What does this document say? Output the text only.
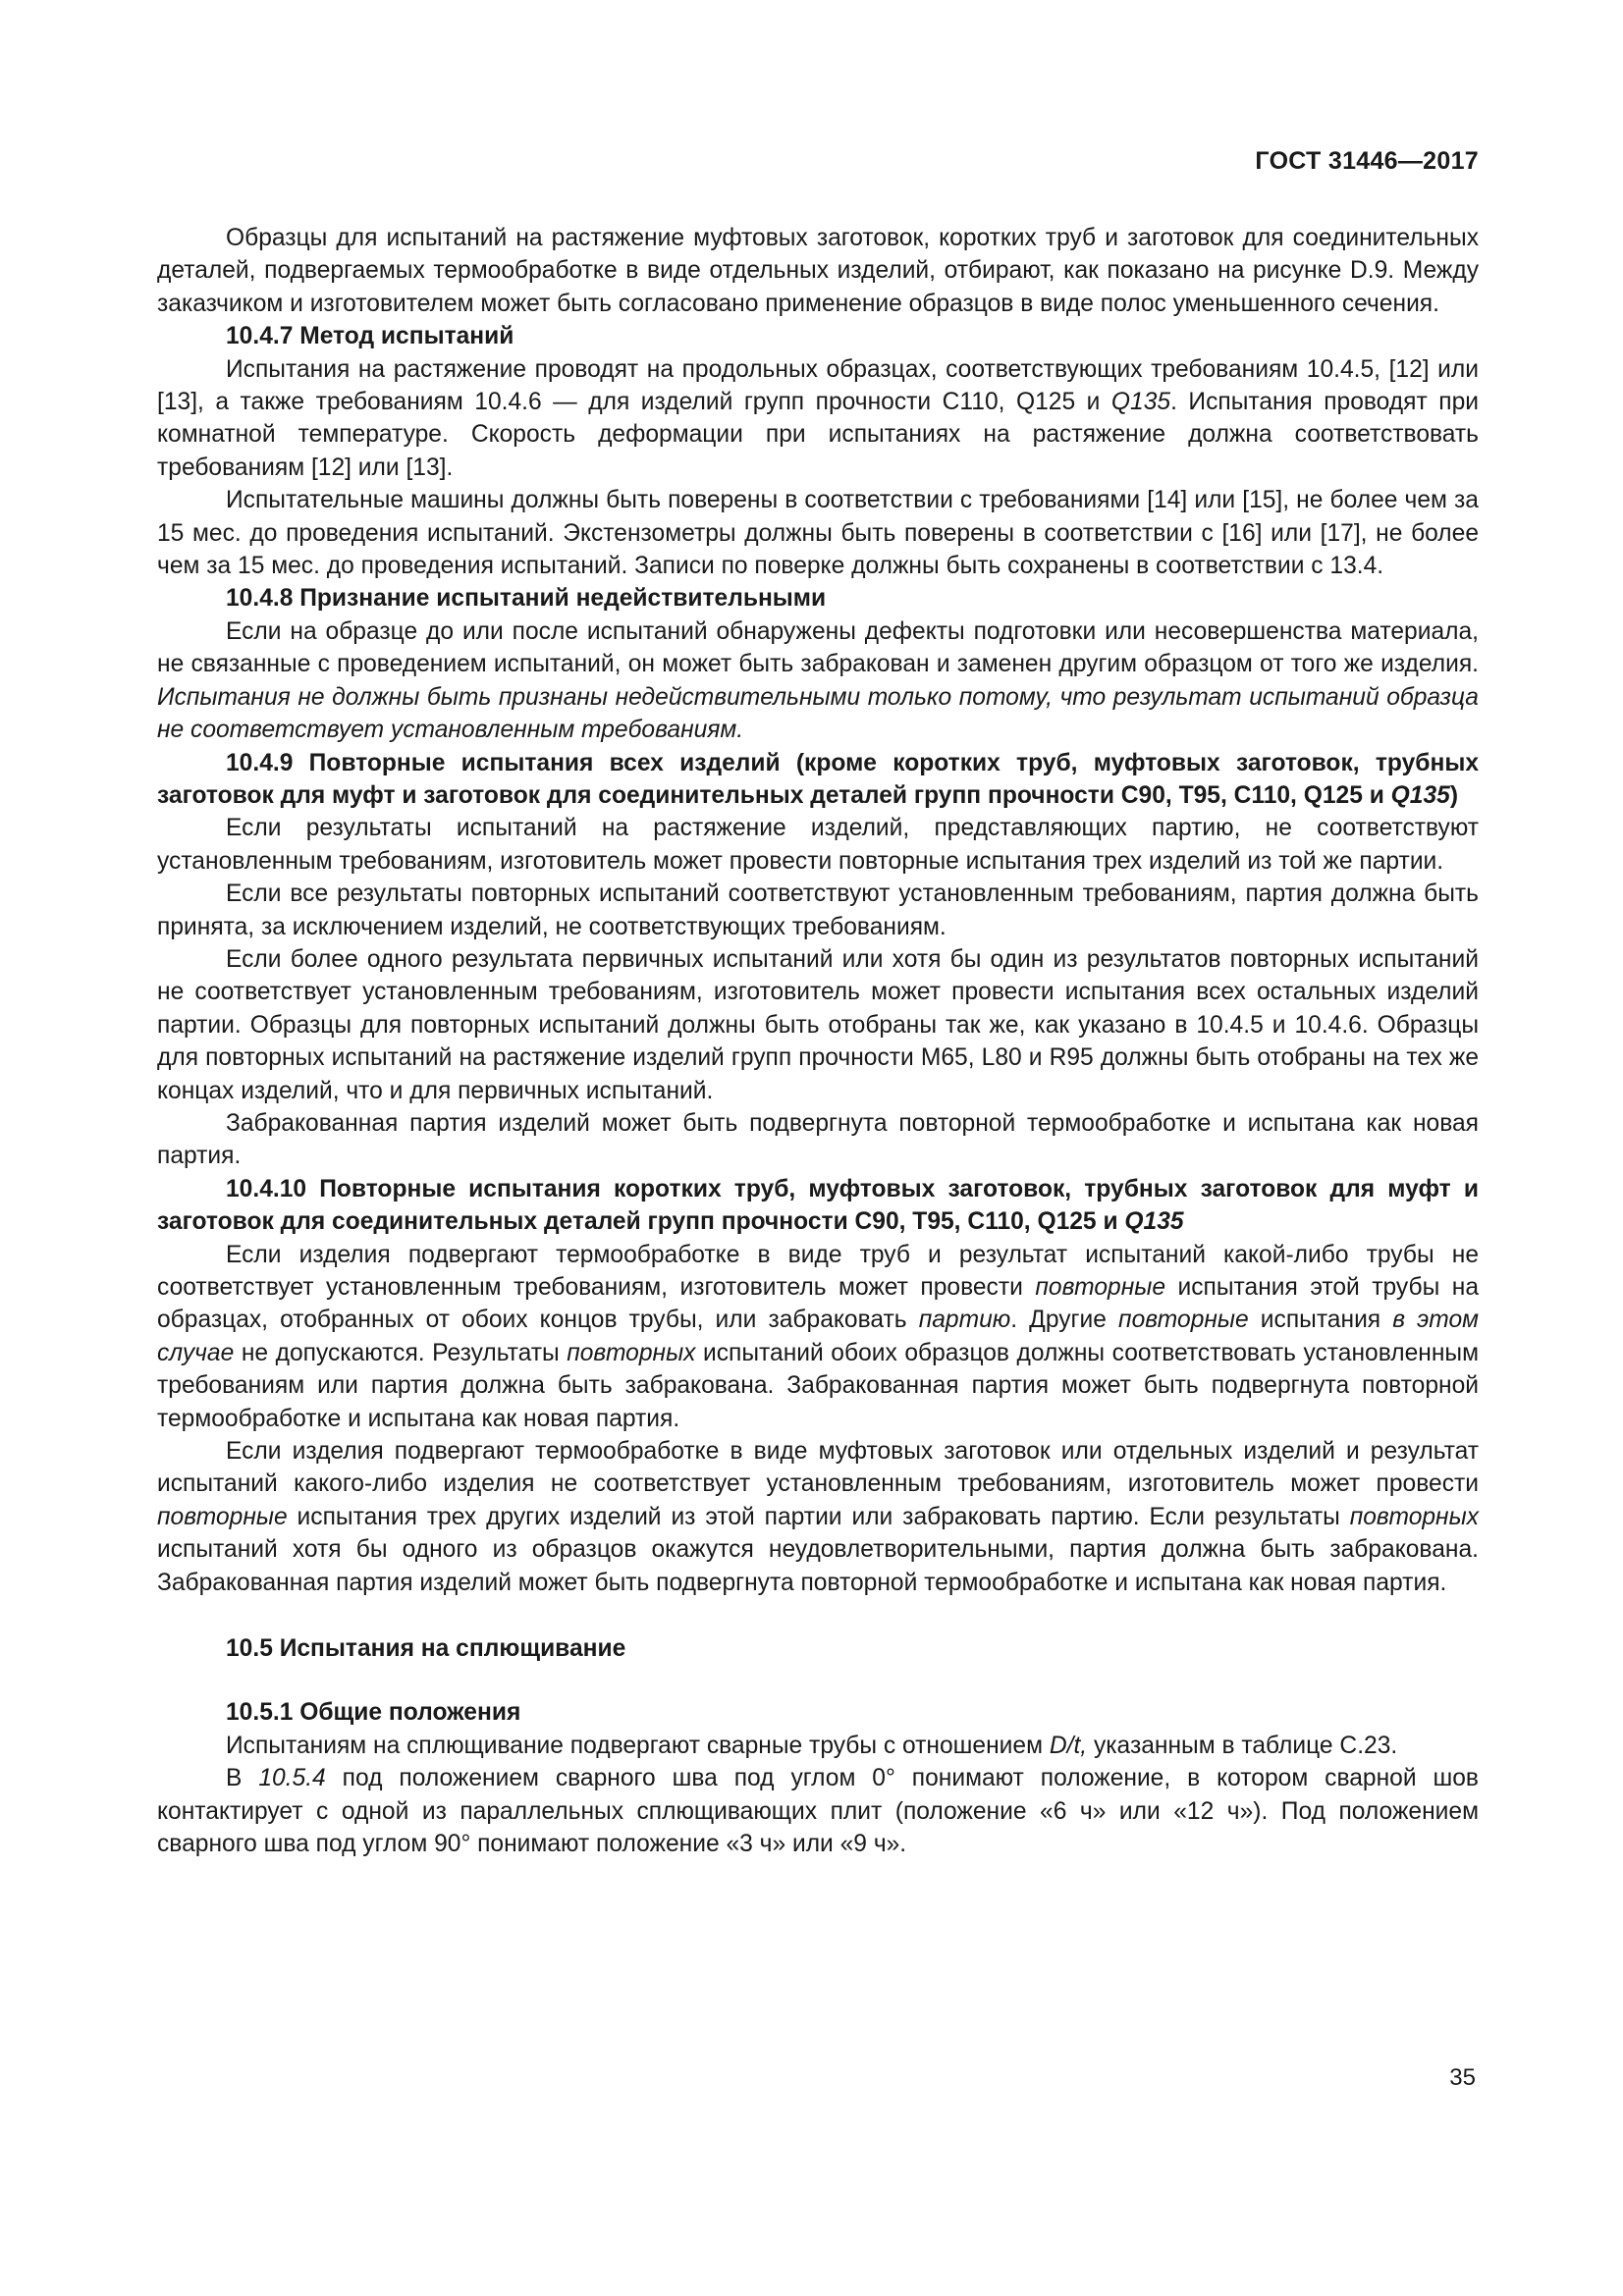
ГОСТ 31446—2017

Образцы для испытаний на растяжение муфтовых заготовок, коротких труб и заготовок для соединительных деталей, подвергаемых термообработке в виде отдельных изделий, отбирают, как показано на рисунке D.9. Между заказчиком и изготовителем может быть согласовано применение образцов в виде полос уменьшенного сечения.

10.4.7 Метод испытаний

Испытания на растяжение проводят на продольных образцах, соответствующих требованиям 10.4.5, [12] или [13], а также требованиям 10.4.6 — для изделий групп прочности С110, Q125 и Q135. Испытания проводят при комнатной температуре. Скорость деформации при испытаниях на растяжение должна соответствовать требованиям [12] или [13].

Испытательные машины должны быть поверены в соответствии с требованиями [14] или [15], не более чем за 15 мес. до проведения испытаний. Экстензометры должны быть поверены в соответствии с [16] или [17], не более чем за 15 мес. до проведения испытаний. Записи по поверке должны быть сохранены в соответствии с 13.4.

10.4.8 Признание испытаний недействительными

Если на образце до или после испытаний обнаружены дефекты подготовки или несовершенства материала, не связанные с проведением испытаний, он может быть забракован и заменен другим образцом от того же изделия. Испытания не должны быть признаны недействительными только потому, что результат испытаний образца не соответствует установленным требованиям.

10.4.9 Повторные испытания всех изделий (кроме коротких труб, муфтовых заготовок, трубных заготовок для муфт и заготовок для соединительных деталей групп прочности С90, Т95, С110, Q125 и Q135)

Если результаты испытаний на растяжение изделий, представляющих партию, не соответствуют установленным требованиям, изготовитель может провести повторные испытания трех изделий из той же партии.

Если все результаты повторных испытаний соответствуют установленным требованиям, партия должна быть принята, за исключением изделий, не соответствующих требованиям.

Если более одного результата первичных испытаний или хотя бы один из результатов повторных испытаний не соответствует установленным требованиям, изготовитель может провести испытания всех остальных изделий партии. Образцы для повторных испытаний должны быть отобраны так же, как указано в 10.4.5 и 10.4.6. Образцы для повторных испытаний на растяжение изделий групп прочности М65, L80 и R95 должны быть отобраны на тех же концах изделий, что и для первичных испытаний.

Забракованная партия изделий может быть подвергнута повторной термообработке и испытана как новая партия.

10.4.10 Повторные испытания коротких труб, муфтовых заготовок, трубных заготовок для муфт и заготовок для соединительных деталей групп прочности С90, Т95, С110, Q125 и Q135

Если изделия подвергают термообработке в виде труб и результат испытаний какой-либо трубы не соответствует установленным требованиям, изготовитель может провести повторные испытания этой трубы на образцах, отобранных от обоих концов трубы, или забраковать партию. Другие повторные испытания в этом случае не допускаются. Результаты повторных испытаний обоих образцов должны соответствовать установленным требованиям или партия должна быть забракована. Забракованная партия может быть подвергнута повторной термообработке и испытана как новая партия.

Если изделия подвергают термообработке в виде муфтовых заготовок или отдельных изделий и результат испытаний какого-либо изделия не соответствует установленным требованиям, изготовитель может провести повторные испытания трех других изделий из этой партии или забраковать партию. Если результаты повторных испытаний хотя бы одного из образцов окажутся неудовлетворительными, партия должна быть забракована. Забракованная партия изделий может быть подвергнута повторной термообработке и испытана как новая партия.

10.5 Испытания на сплющивание
10.5.1 Общие положения

Испытаниям на сплющивание подвергают сварные трубы с отношением D/t, указанным в таблице С.23.

В 10.5.4 под положением сварного шва под углом 0° понимают положение, в котором сварной шов контактирует с одной из параллельных сплющивающих плит (положение «6 ч» или «12 ч»). Под положением сварного шва под углом 90° понимают положение «3 ч» или «9 ч».

35
